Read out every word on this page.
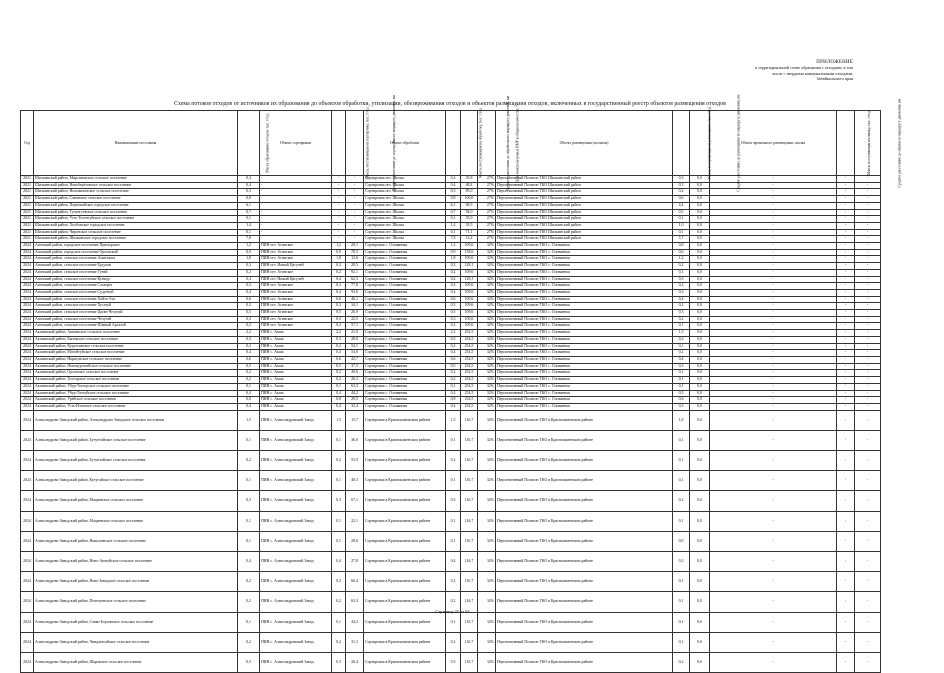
ПРИЛОЖЕНИЕ
к территориальной схеме обращения с отходами, в том
числе с твердыми коммунальными отходами,
Забайкальского края
Схема потоков отходов от источников их образования до объектов обработки, утилизации, обезвреживания отходов и объектов размещения отходов, включенных в государственный реестр объектов размещения отходов
Год	Наименование поселения	Масса образования отходов, тыс. т/год	Объект сортировки	Масса, поступающая на сортировку, тыс. т/год	Среднее расстояние до сортировки по маршруту движения, км	Объект обработки	Масса, поступающая на обработку, тыс. т/год	Среднее расстояние до обработки по маршруту движения, км	Доля неиспользуемых ВМР в общем количестве, %	Объект размещения (полигон)	Масса, поступающая на размещение, тыс. т/год	Среднее расстояние до размещения по маршруту движения, км	Объект временного размещения, свалка	Масса, поступающая на свалку, тыс. т/год	Среднее расстояние до свалки по маршруту движения, км
2021	Шилкинский район, Мирсановское сельское поселение	0,4	-	-	-	Сортировка пгт. Шилка	0,4	35,8	27%	Перспективный Полигон ТКО Шилкинский район	0,3	0,0	-	-	-
2021	Шилкинский район, Новоберёзовское сельское поселение	0,4	-	-	-	Сортировка пгт. Шилка	0,4	48,4	27%	Перспективный Полигон ТКО Шилкинский район	0,3	0,0	-	-	-
2021	Шилкинский район, Номоконовское сельское поселение	0,3	-	-	-	Сортировка пгт. Шилка	0,3	85,0	27%	Перспективный Полигон ТКО Шилкинский район	0,2	0,0	-	-	-
2021	Шилкинский район, Савинское сельское поселение	0,8	-	-	-	Сортировка пгт. Шилка	0,8	100,0	27%	Перспективный Полигон ТКО Шилкинский район	0,6	0,0	-	-	-
2021	Шилкинский район, Первомайское городское поселение	6,1	-	-	-	Сортировка пгт. Шилка	6,1	68,5	27%	Перспективный Полигон ТКО Шилкинский район	4,4	0,0	-	-	-
2021	Шилкинский район, Тулунгуевское сельское поселение	0,7	-	-	-	Сортировка пгт. Шилка	0,7	94,0	27%	Перспективный Полигон ТКО Шилкинский район	0,5	0,0	-	-	-
2021	Шилкинский район, Усть-Теленгуйское сельское поселение	0,1	-	-	-	Сортировка пгт. Шилка	0,1	55,0	27%	Перспективный Полигон ТКО Шилкинский район	0,1	0,0	-	-	-
2021	Шилкинский район, Холбонское городское поселение	1,4	-	-	-	Сортировка пгт. Шилка	1,4	33,5	27%	Перспективный Полигон ТКО Шилкинский район	1,0	0,0	-	-	-
2021	Шилкинский район, Чиронское сельское поселение	0,1	-	-	-	Сортировка пгт. Шилка	0,1	71,1	27%	Перспективный Полигон ТКО Шилкинский район	0,1	0,0	-	-	-
2021	Шилкинский район, Шилкинское городское поселение	7,8	-	-	-	Сортировка пгт. Шилка	7,8	12,2	27%	Перспективный Полигон ТКО Шилкинский район	5,7	0,0	-	-	-
2024	Агинский район, городское поселение Приморское	1,2	ПИН пгт. Агинское	1,2	29,1	Сортировка с. Оловянная	1,2	109,6	32%	Перспективный Полигон ТКО с. Оловянная	0,8	0,0	-	-	-
2024	Агинский район, городское поселение Орловский	0,9	ПИН пгт. Агинское	0,9	78,5	Сортировка с. Оловянная	0,9	158,6	32%	Перспективный Полигон ТКО с. Оловянная	0,6	0,0	-	-	-
2024	Агинский район, сельское поселение Амитхаша	1,8	ПИН пгт. Агинское	1,8	13,6	Сортировка с. Оловянная	1,8	109,6	32%	Перспективный Полигон ТКО с. Оловянная	1,2	0,0	-	-	-
2024	Агинский район, сельское поселение Будулан	0,3	ПИН пгт. Новый Цасучей	0,3	28,5	Сортировка с. Оловянная	0,3	128,1	32%	Перспективный Полигон ТКО с. Оловянная	0,2	0,0	-	-	-
2024	Агинский район, сельское поселение Гунэй	0,2	ПИН пгт. Агинское	0,2	92,1	Сортировка с. Оловянная	0,2	109,6	32%	Перспективный Полигон ТКО с. Оловянная	0,1	0,0	-	-	-
2024	Агинский район, сельское поселение Кункур	0,4	ПИН пгт. Новый Цасучей	0,4	62,3	Сортировка с. Оловянная	0,4	128,1	32%	Перспективный Полигон ТКО с. Оловянная	0,3	0,0	-	-	-
2024	Агинский район, сельское поселение Сахюрта	0,3	ПИН пгт. Агинское	0,3	77,8	Сортировка с. Оловянная	0,3	109,6	32%	Перспективный Полигон ТКО с. Оловянная	0,2	0,0	-	-	-
2024	Агинский район, сельское поселение Судунтуй	0,4	ПИН пгт. Агинское	0,4	93,6	Сортировка с. Оловянная	0,4	109,6	32%	Перспективный Полигон ТКО с. Оловянная	0,3	0,0	-	-	-
2024	Агинский район, сельское поселение Хойто-Ага	0,6	ПИН пгт. Агинское	0,6	46,1	Сортировка с. Оловянная	0,6	109,6	32%	Перспективный Полигон ТКО с. Оловянная	0,4	0,0	-	-	-
2024	Агинский район, сельское поселение Хусатуй	0,3	ПИН пгт. Агинское	0,3	34,1	Сортировка с. Оловянная	0,3	109,6	32%	Перспективный Полигон ТКО с. Оловянная	0,2	0,0	-	-	-
2024	Агинский район, сельское поселение Цаган-Челутай	0,5	ПИН пгт. Агинское	0,5	26,9	Сортировка с. Оловянная	0,5	109,6	32%	Перспективный Полигон ТКО с. Оловянная	0,3	0,0	-	-	-
2024	Агинский район, сельское поселение Челутай	0,3	ПИН пгт. Агинское	0,3	22,5	Сортировка с. Оловянная	0,3	109,6	32%	Перспективный Полигон ТКО с. Оловянная	0,2	0,0	-	-	-
2024	Агинский район, сельское поселение Южный Аргалей	0,2	ПИН пгт. Агинское	0,2	57,1	Сортировка с. Оловянная	0,2	109,6	32%	Перспективный Полигон ТКО с. Оловянная	0,1	0,0	-	-	-
2024	Акшинский район, Акшинское сельское поселение	2,2	ПИН с. Акша	2,2	21,0	Сортировка с. Оловянная	2,2	254,5	32%	Перспективный Полигон ТКО с. Оловянная	1,5	0,0	-	-	-
2024	Акшинский район, Бытевское сельское поселение	0,3	ПИН с. Акша	0,3	28,0	Сортировка с. Оловянная	0,3	254,5	32%	Перспективный Полигон ТКО с. Оловянная	0,2	0,0	-	-	-
2024	Акшинский район, Курулгинское сельское поселение	0,2	ПИН с. Акша	0,2	54,1	Сортировка с. Оловянная	0,2	254,5	32%	Перспективный Полигон ТКО с. Оловянная	0,1	0,0	-	-	-
2024	Акшинский район, Могойтуйское сельское поселение	0,4	ПИН с. Акша	0,4	54,8	Сортировка с. Оловянная	0,4	254,5	32%	Перспективный Полигон ТКО с. Оловянная	0,2	0,0	-	-	-
2024	Акшинский район, Нарасунское сельское поселение	0,6	ПИН с. Акша	0,6	43,7	Сортировка с. Оловянная	0,6	254,5	32%	Перспективный Полигон ТКО с. Оловянная	0,4	0,0	-	-	-
2024	Акшинский район, Новокургатайское сельское поселение	0,5	ПИН с. Акша	0,5	37,5	Сортировка с. Оловянная	0,5	254,5	32%	Перспективный Полигон ТКО с. Оловянная	0,3	0,0	-	-	-
2024	Акшинский район, Орловское сельское поселение	0,2	ПИН с. Акша	0,2	49,6	Сортировка с. Оловянная	0,2	254,5	32%	Перспективный Полигон ТКО с. Оловянная	0,1	0,0	-	-	-
2024	Акшинский район, Тохторское сельское поселение	0,2	ПИН с. Акша	0,2	26,3	Сортировка с. Оловянная	0,2	254,5	32%	Перспективный Полигон ТКО с. Оловянная	0,1	0,0	-	-	-
2024	Акшинский район, Убур-Тохторское сельское поселение	0,1	ПИН с. Акша	0,1	63,3	Сортировка с. Оловянная	0,1	254,5	32%	Перспективный Полигон ТКО с. Оловянная	0,1	0,0	-	-	-
2024	Акшинский район, Убур-Тахтуйское сельское поселение	0,4	ПИН с. Акша	0,4	44,2	Сортировка с. Оловянная	0,4	254,5	32%	Перспективный Полигон ТКО с. Оловянная	0,3	0,0	-	-	-
2024	Акшинский район, Урейское сельское поселение	0,8	ПИН с. Акша	0,8	29,5	Сортировка с. Оловянная	0,8	254,5	32%	Перспективный Полигон ТКО с. Оловянная	0,6	0,0	-	-	-
2024	Акшинский район, Усть-Иленское сельское поселение	0,4	ПИН с. Акша	0,4	32,4	Сортировка с. Оловянная	0,4	254,5	32%	Перспективный Полигон ТКО с. Оловянная	0,3	0,0	-	-	-
2024	Александрово-Заводский район, Александрово-Заводское сельское поселение	1,5	ПИН с. Александровский Завод	1,5	15,7	Сортировка в Краснокаменском районе	1,5	116,7	32%	Перспективный Полигон ТКО в Краснокаменском районе	1,0	0,0	-	-	-
2024	Александрово-Заводский район, Бутунтайское сельское поселение	0,1	ПИН с. Александровский Завод	0,1	36,0	Сортировка в Краснокаменском районе	0,1	116,7	32%	Перспективный Полигон ТКО в Краснокаменском районе	0,1	0,0	-	-	-
2024	Александрово-Заводский район, Бутунтайское сельское поселение	0,2	ПИН с. Александровский Завод	0,2	53,9	Сортировка в Краснокаменском районе	0,2	116,7	32%	Перспективный Полигон ТКО в Краснокаменском районе	0,1	0,0	-	-	-
2024	Александрово-Заводский район, Кутугайское сельское поселение	0,1	ПИН с. Александровский Завод	0,1	40,3	Сортировка в Краснокаменском районе	0,1	116,7	32%	Перспективный Полигон ТКО в Краснокаменском районе	0,1	0,0	-	-	-
2024	Александрово-Заводский район, Мациевское сельское поселение	0,3	ПИН с. Александровский Завод	0,3	67,1	Сортировка в Краснокаменском районе	0,3	116,7	32%	Перспективный Полигон ТКО в Краснокаменском районе	0,2	0,0	-	-	-
2024	Александрово-Заводский район, Мациевское сельское поселение	0,1	ПИН с. Александровский Завод	0,1	22,1	Сортировка в Краснокаменском районе	0,1	116,7	32%	Перспективный Полигон ТКО в Краснокаменском районе	0,1	0,0	-	-	-
2024	Александрово-Заводский район, Николаевское сельское поселение	0,1	ПИН с. Александровский Завод	0,1	28,6	Сортировка в Краснокаменском районе	0,1	116,7	32%	Перспективный Полигон ТКО в Краснокаменском районе	0,0	0,0	-	-	-
2024	Александрово-Заводский район, Ново-Акатуйское сельское поселение	0,4	ПИН с. Александровский Завод	0,4	27,8	Сортировка в Краснокаменском районе	0,4	116,7	32%	Перспективный Полигон ТКО в Краснокаменском районе	0,3	0,0	-	-	-
2024	Александрово-Заводский район, Ново-Заводское сельское поселение	0,2	ПИН с. Александровский Завод	0,2	66,4	Сортировка в Краснокаменском районе	0,2	116,7	32%	Перспективный Полигон ТКО в Краснокаменском районе	0,1	0,0	-	-	-
2024	Александрово-Заводский район, Почечуевское сельское поселение	0,2	ПИН с. Александровский Завод	0,2	63,3	Сортировка в Краснокаменском районе	0,2	116,7	32%	Перспективный Полигон ТКО в Краснокаменском районе	0,1	0,0	-	-	-
2024	Александрово-Заводский район, Савво-Борзинское сельское поселение	0,1	ПИН с. Александровский Завод	0,1	44,2	Сортировка в Краснокаменском районе	0,1	116,7	32%	Перспективный Полигон ТКО в Краснокаменском районе	0,1	0,0	-	-	-
2024	Александрово-Заводский район, Чиндагатайское сельское поселение	0,2	ПИН с. Александровский Завод	0,2	31,3	Сортировка в Краснокаменском районе	0,2	116,7	32%	Перспективный Полигон ТКО в Краснокаменском районе	0,1	0,0	-	-	-
2024	Александрово-Заводский район, Шаракское сельское поселение	0,3	ПИН с. Александровский Завод	0,3	26,4	Сортировка в Краснокаменском районе	0,3	116,7	32%	Перспективный Полигон ТКО в Краснокаменском районе	0,2	0,0	-	-	-
Страница 35 из 94
